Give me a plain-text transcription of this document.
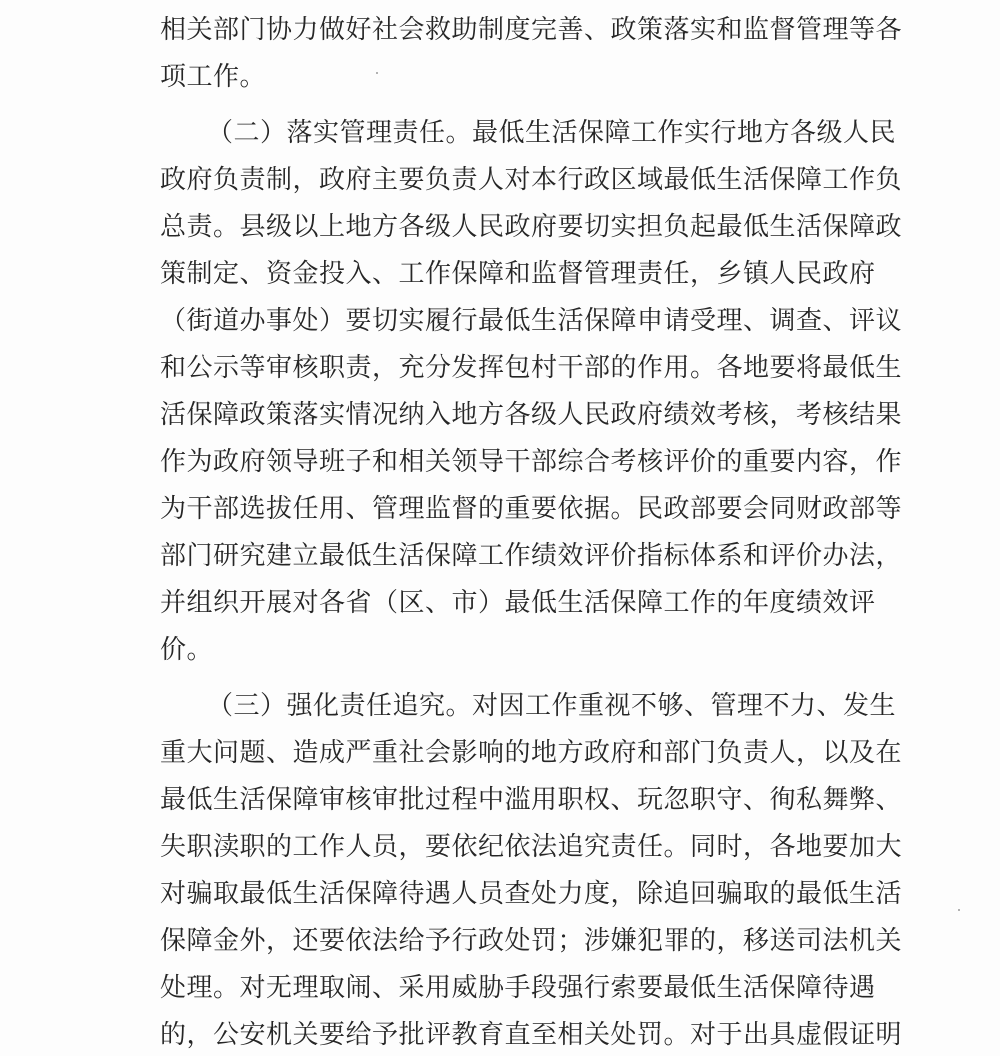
相关部门协力做好社会救助制度完善、政策落实和监督管理等各
项工作。
（二）落实管理责任。最低生活保障工作实行地方各级人民
政府负责制，政府主要负责人对本行政区域最低生活保障工作负
总责。县级以上地方各级人民政府要切实担负起最低生活保障政
策制定、资金投入、工作保障和监督管理责任，乡镇人民政府
（街道办事处）要切实履行最低生活保障申请受理、调查、评议
和公示等审核职责，充分发挥包村干部的作用。各地要将最低生
活保障政策落实情况纳入地方各级人民政府绩效考核，考核结果
作为政府领导班子和相关领导干部综合考核评价的重要内容，作
为干部选拔任用、管理监督的重要依据。民政部要会同财政部等
部门研究建立最低生活保障工作绩效评价指标体系和评价办法，
并组织开展对各省（区、市）最低生活保障工作的年度绩效评
价。
（三）强化责任追究。对因工作重视不够、管理不力、发生
重大问题、造成严重社会影响的地方政府和部门负责人，以及在
最低生活保障审核审批过程中滥用职权、玩忽职守、徇私舞弊、
失职渎职的工作人员，要依纪依法追究责任。同时，各地要加大
对骗取最低生活保障待遇人员查处力度，除追回骗取的最低生活
保障金外，还要依法给予行政处罚；涉嫌犯罪的，移送司法机关
处理。对无理取闹、采用威胁手段强行索要最低生活保障待遇
的，公安机关要给予批评教育直至相关处罚。对于出具虚假证明
